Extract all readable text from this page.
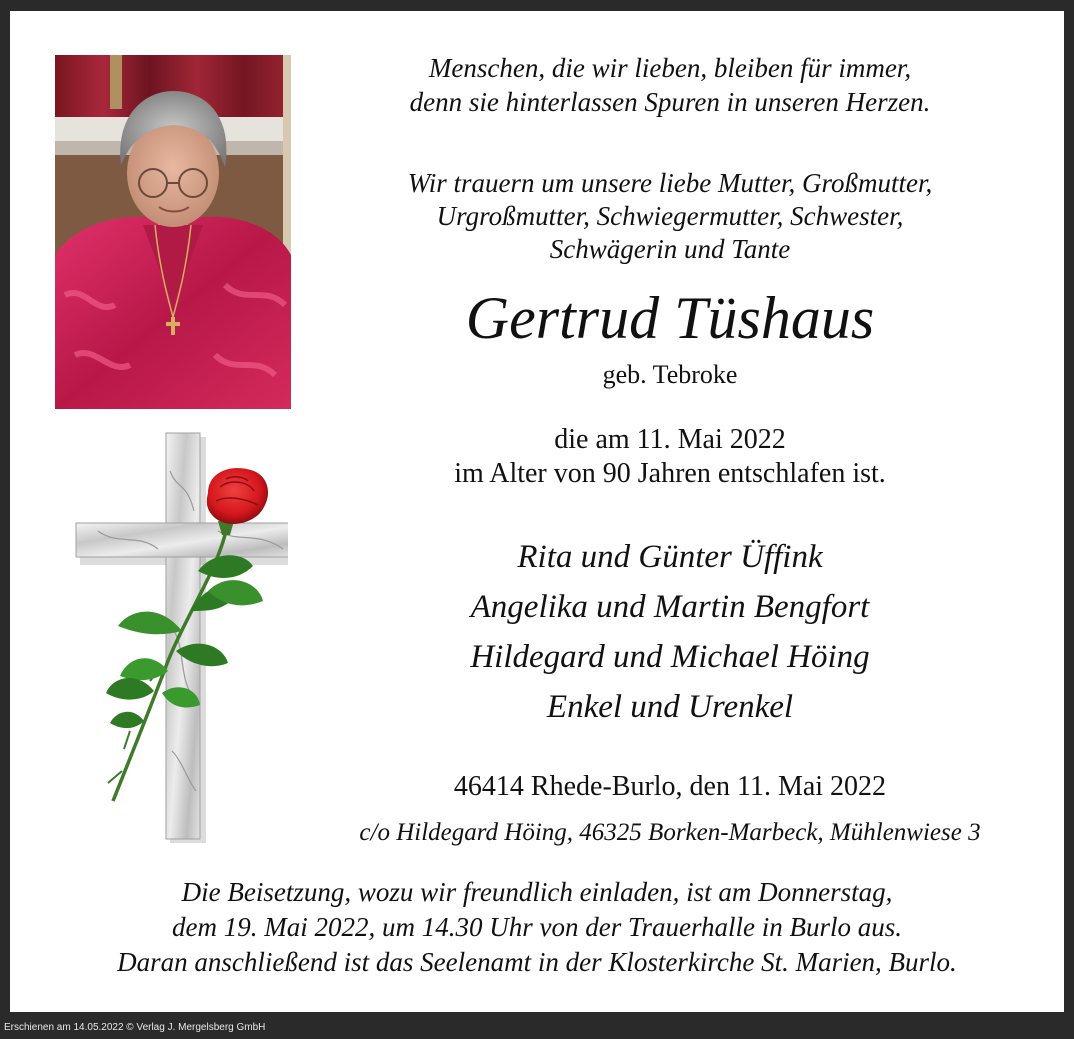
Menschen, die wir lieben, bleiben für immer,
denn sie hinterlassen Spuren in unseren Herzen.
Wir trauern um unsere liebe Mutter, Großmutter,
Urgroßmutter, Schwiegermutter, Schwester,
Schwägerin und Tante
Gertrud Tüshaus
geb. Tebroke
die am 11. Mai 2022
im Alter von 90 Jahren entschlafen ist.
Rita und Günter Üffink
Angelika und Martin Bengfort
Hildegard und Michael Höing
Enkel und Urenkel
46414 Rhede-Burlo, den 11. Mai 2022
c/o Hildegard Höing, 46325 Borken-Marbeck, Mühlenwiese 3
Die Beisetzung, wozu wir freundlich einladen, ist am Donnerstag,
dem 19. Mai 2022, um 14.30 Uhr von der Trauerhalle in Burlo aus.
Daran anschließend ist das Seelenamt in der Klosterkirche St. Marien, Burlo.
Erschienen am 14.05.2022 © Verlag J. Mergelsberg GmbH
